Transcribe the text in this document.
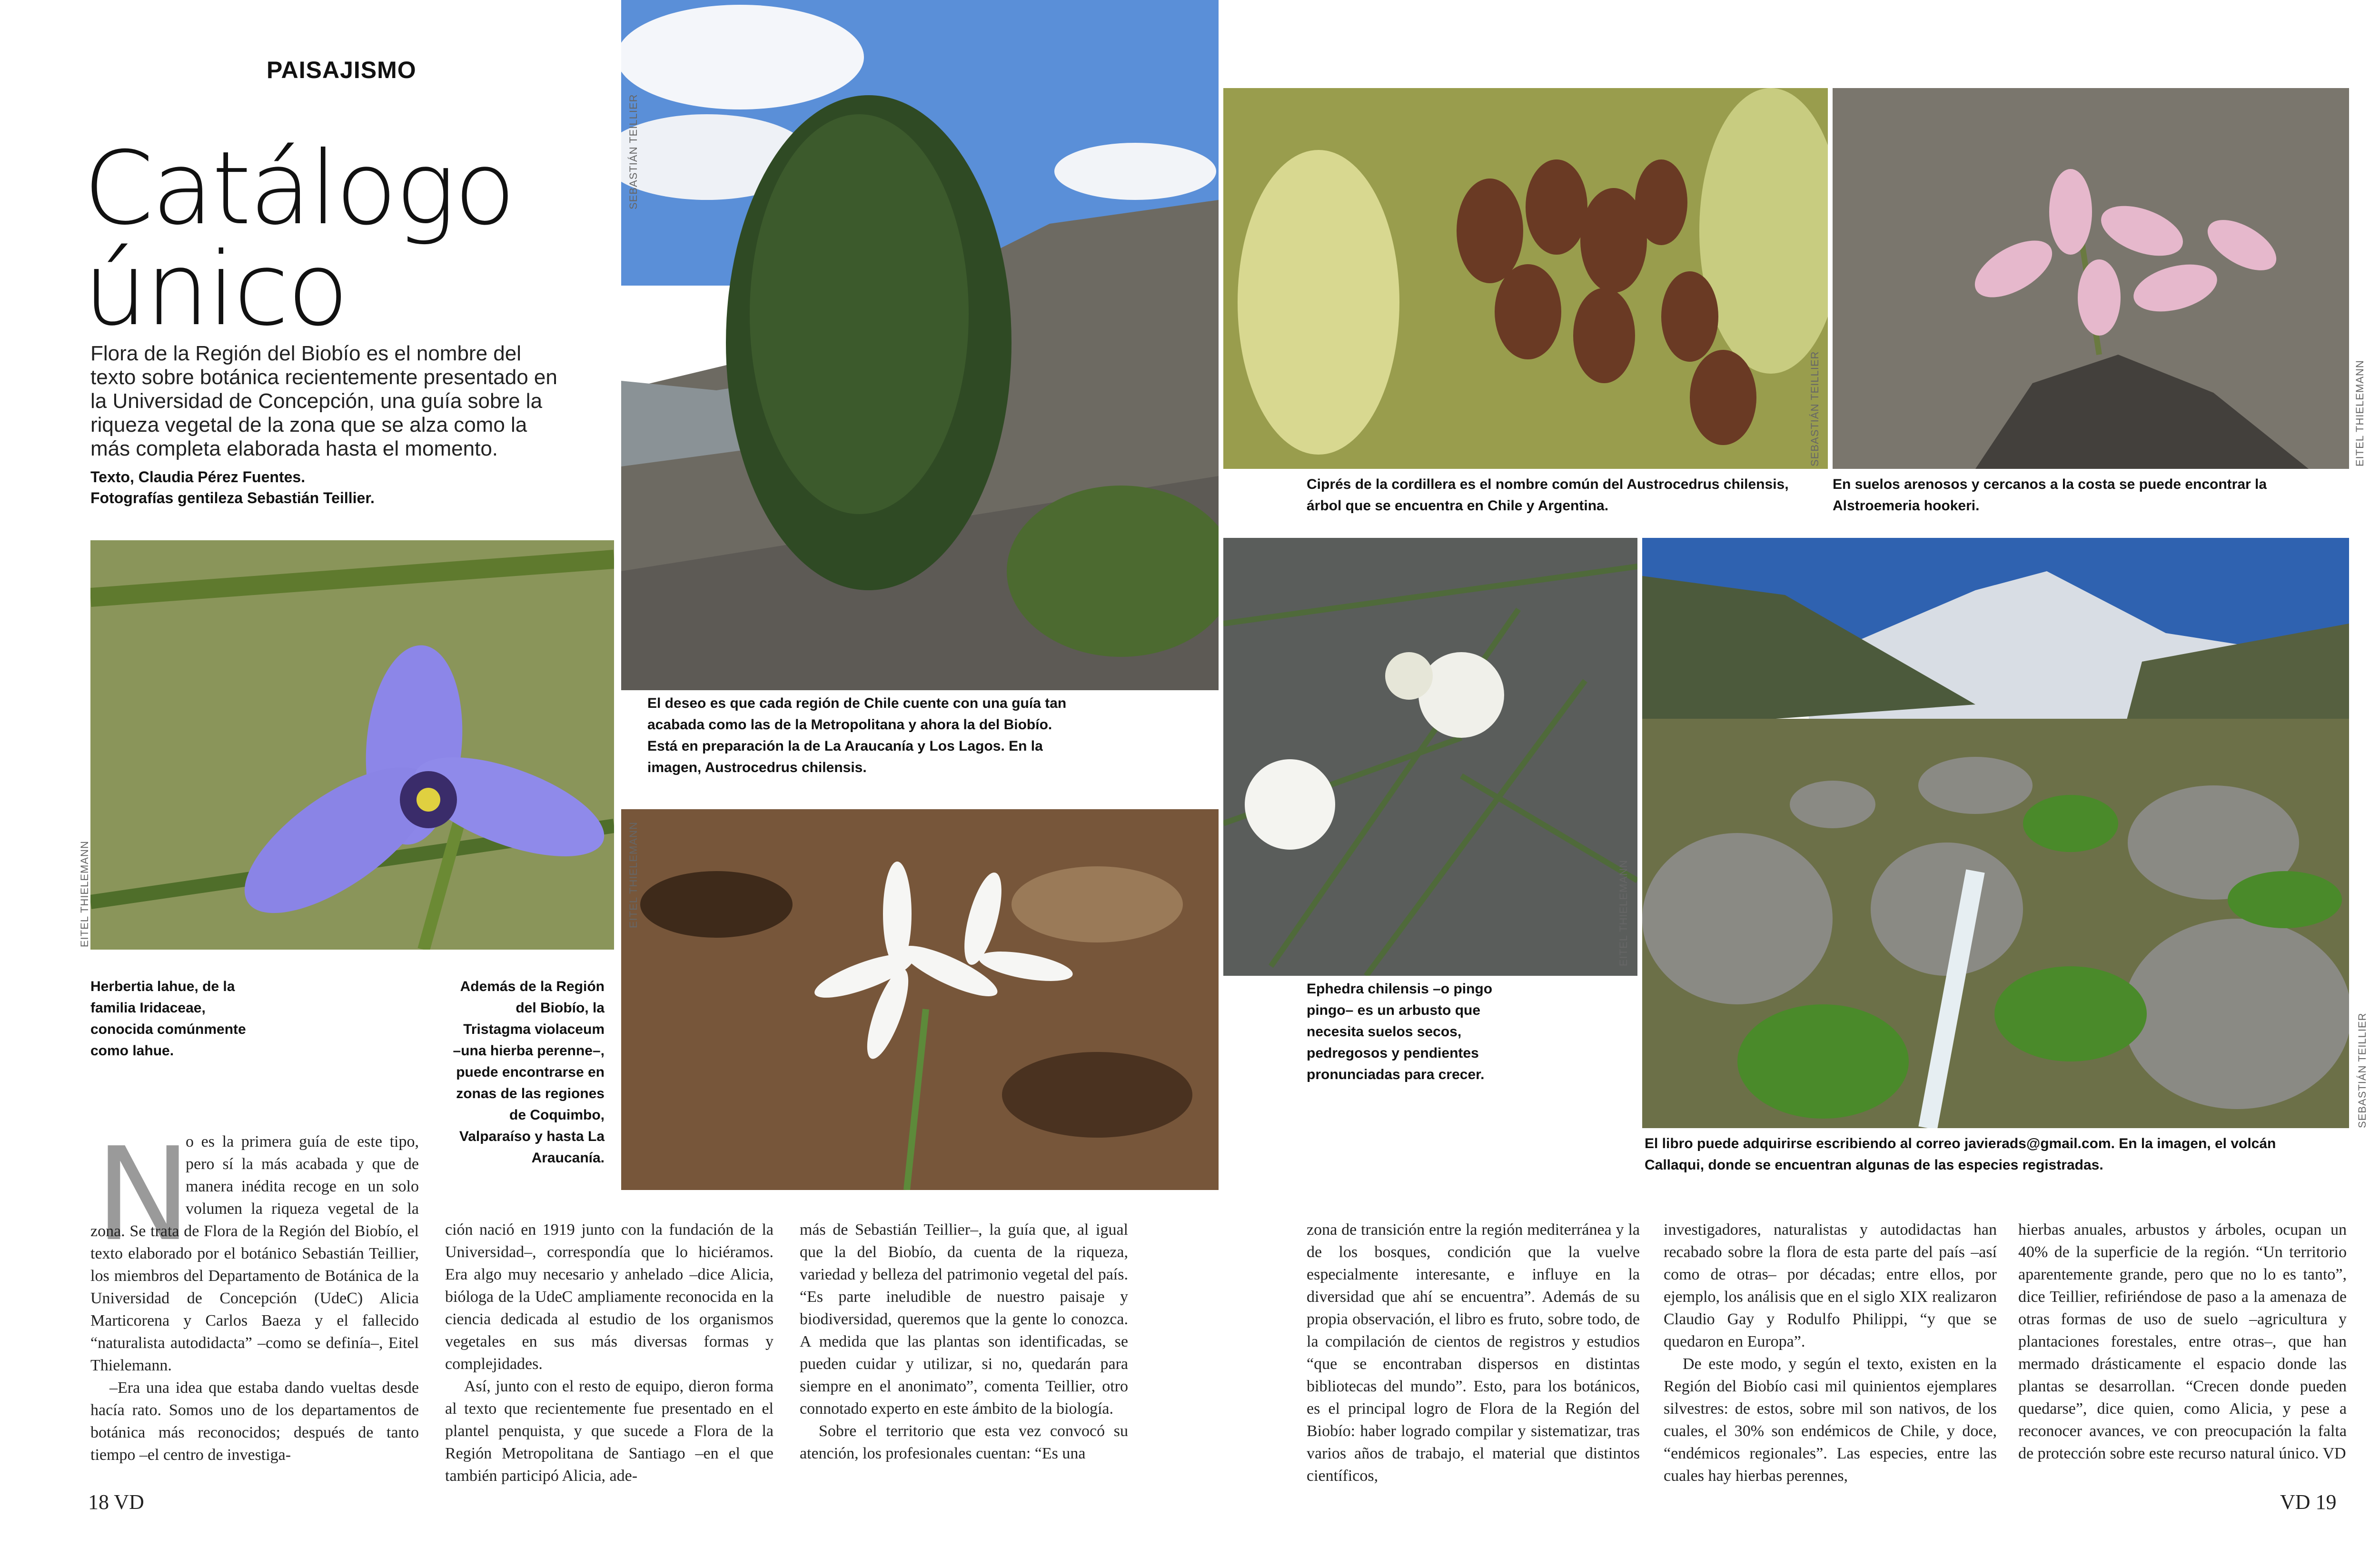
PAISAJISMO
Catálogo
único
Flora de la Región del Biobío es el nombre del texto sobre botánica recientemente presentado en la Universidad de Concepción, una guía sobre la riqueza vegetal de la zona que se alza como la más completa elaborada hasta el momento.
Texto, Claudia Pérez Fuentes.
Fotografías gentileza Sebastián Teillier.
EITEL THIELEMANN
SEBASTIÁN TEILLIER
El deseo es que cada región de Chile cuente con una guía tan acabada como las de la Metropolitana y ahora la del Biobío. Está en preparación la de La Araucanía y Los Lagos. En la imagen, Austrocedrus chilensis.
EITEL THIELEMANN
Herbertia lahue, de la familia Iridaceae, conocida comúnmente como lahue.
Además de la Región del Biobío, la Tristagma violaceum –una hierba perenne–, puede encontrarse en zonas de las regiones de Coquimbo, Valparaíso y hasta La Araucanía.
SEBASTIÁN TEILLIER
Ciprés de la cordillera es el nombre común del Austrocedrus chilensis, árbol que se encuentra en Chile y Argentina.
EITEL THIELEMANN
En suelos arenosos y cercanos a la costa se puede encontrar la Alstroemeria hookeri.
EITEL THIELEMANN
Ephedra chilensis –o pingo pingo– es un arbusto que necesita suelos secos, pedregosos y pendientes pronunciadas para crecer.	SEBASTIÁN TEILLIER
El libro puede adquirirse escribiendo al correo javierads@gmail.com. En la imagen, el volcán Callaqui, donde se encuentran algunas de las especies registradas.
N

o es la primera guía de este tipo, pero sí la más acabada y que de manera inédita recoge en un solo volumen la riqueza vegetal de la zona. Se trata de Flora de la Región del Biobío, el texto elaborado por el botánico Sebastián Teillier, los miembros del Departamento de Botánica de la Universidad de Concepción (UdeC) Alicia Marticorena y Carlos Baeza y el fallecido “naturalista autodidacta” –como se definía–, Eitel Thielemann.

–Era una idea que estaba dando vueltas desde hacía rato. Somos uno de los departamentos de botánica más reconocidos; después de tanto tiempo –el centro de investiga-

ción nació en 1919 junto con la fundación de la Universidad–, correspondía que lo hiciéramos. Era algo muy necesario y anhelado –dice Alicia, bióloga de la UdeC ampliamente reconocida en la ciencia dedicada al estudio de los organismos vegetales en sus más diversas formas y complejidades.

Así, junto con el resto de equipo, dieron forma al texto que recientemente fue presentado en el plantel penquista, y que sucede a Flora de la Región Metropolitana de Santiago –en el que también participó Alicia, ade-

más de Sebastián Teillier–, la guía que, al igual que la del Biobío, da cuenta de la riqueza, variedad y belleza del patrimonio vegetal del país. “Es parte ineludible de nuestro paisaje y biodiversidad, queremos que la gente lo conozca. A medida que las plantas son identificadas, se pueden cuidar y utilizar, si no, quedarán para siempre en el anonimato”, comenta Teillier, otro connotado experto en este ámbito de la biología.

Sobre el territorio que esta vez convocó su atención, los profesionales cuentan: “Es una

18 VD

zona de transición entre la región mediterránea y la de los bosques, condición que la vuelve especialmente interesante, e influye en la diversidad que ahí se encuentra”. Además de su propia observación, el libro es fruto, sobre todo, de la compilación de cientos de registros y estudios “que se encontraban dispersos en distintas bibliotecas del mundo”. Esto, para los botánicos, es el principal logro de Flora de la Región del Biobío: haber logrado compilar y sistematizar, tras varios años de trabajo, el material que distintos científicos,

investigadores, naturalistas y autodidactas han recabado sobre la flora de esta parte del país –así como de otras– por décadas; entre ellos, por ejemplo, los análisis que en el siglo XIX realizaron Claudio Gay y Rodulfo Philippi, “y que se quedaron en Europa”.

De este modo, y según el texto, existen en la Región del Biobío casi mil quinientos ejemplares silvestres: de estos, sobre mil son nativos, de los cuales, el 30% son endémicos de Chile, y doce, “endémicos regionales”. Las especies, entre las cuales hay hierbas perennes,

hierbas anuales, arbustos y árboles, ocupan un 40% de la superficie de la región. “Un territorio aparentemente grande, pero que no lo es tanto”, dice Teillier, refiriéndose de paso a la amenaza de otras formas de uso de suelo –agricultura y plantaciones forestales, entre otras–, que han mermado drásticamente el espacio donde las plantas se desarrollan. “Crecen donde pueden quedarse”, dice quien, como Alicia, y pese a reconocer avances, ve con preocupación la falta de protección sobre este recurso natural único. VD

VD 19
